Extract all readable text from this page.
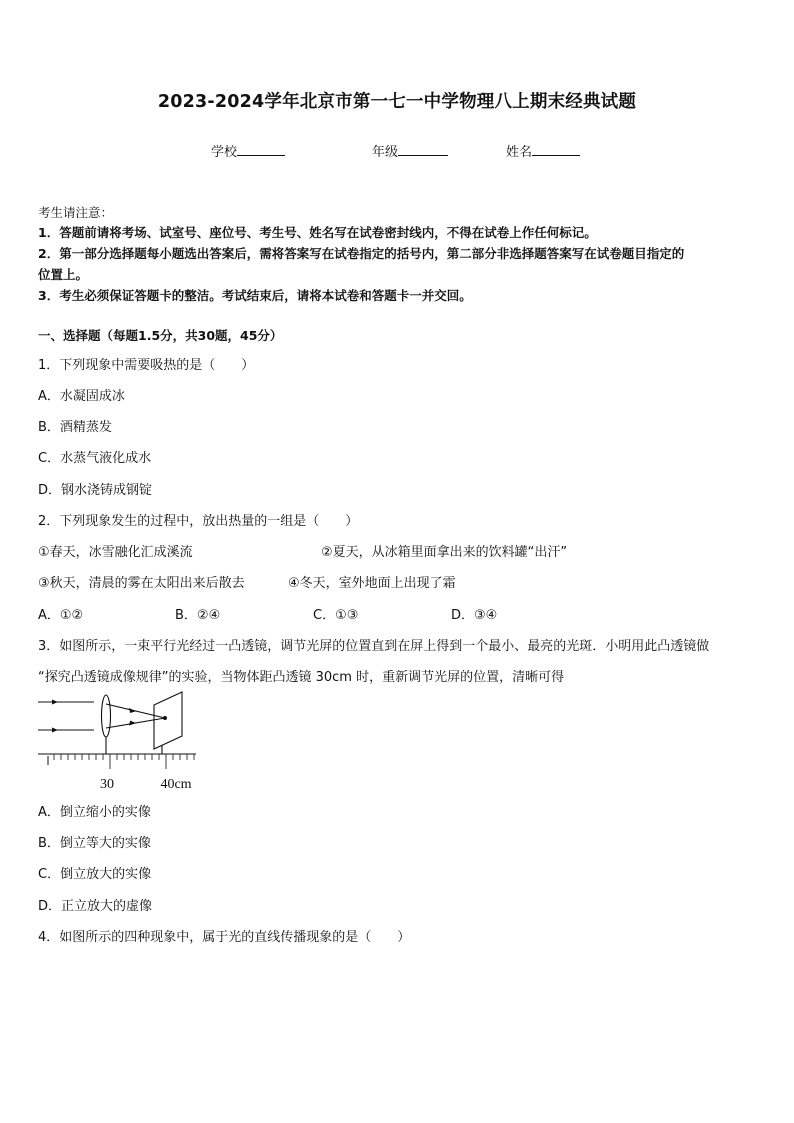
2023-2024学年北京市第一七一中学物理八上期末经典试题
学校	年级	姓名
考生请注意：
1．答题前请将考场、试室号、座位号、考生号、姓名写在试卷密封线内，不得在试卷上作任何标记。
2．第一部分选择题每小题选出答案后，需将答案写在试卷指定的括号内，第二部分非选择题答案写在试卷题目指定的
位置上。
3．考生必须保证答题卡的整洁。考试结束后，请将本试卷和答题卡一并交回。
一、选择题（每题1.5分，共30题，45分）
1．下列现象中需要吸热的是（　　）
A．水凝固成冰
B．酒精蒸发
C．水蒸气液化成水
D．钢水浇铸成钢锭
2．下列现象发生的过程中，放出热量的一组是（　　）
①春天，冰雪融化汇成溪流	②夏天，从冰箱里面拿出来的饮料罐“出汗”
③秋天，清晨的雾在太阳出来后散去	④冬天，室外地面上出现了霜
A．①②	B．②④	C．①③	D．③④
3．如图所示，一束平行光经过一凸透镜，调节光屏的位置直到在屏上得到一个最小、最亮的光斑．小明用此凸透镜做
“探究凸透镜成像规律”的实验，当物体距凸透镜 30cm 时，重新调节光屏的位置，清晰可得
30	40cm
A．倒立缩小的实像
B．倒立等大的实像
C．倒立放大的实像
D．正立放大的虚像
4．如图所示的四种现象中，属于光的直线传播现象的是（　　）
